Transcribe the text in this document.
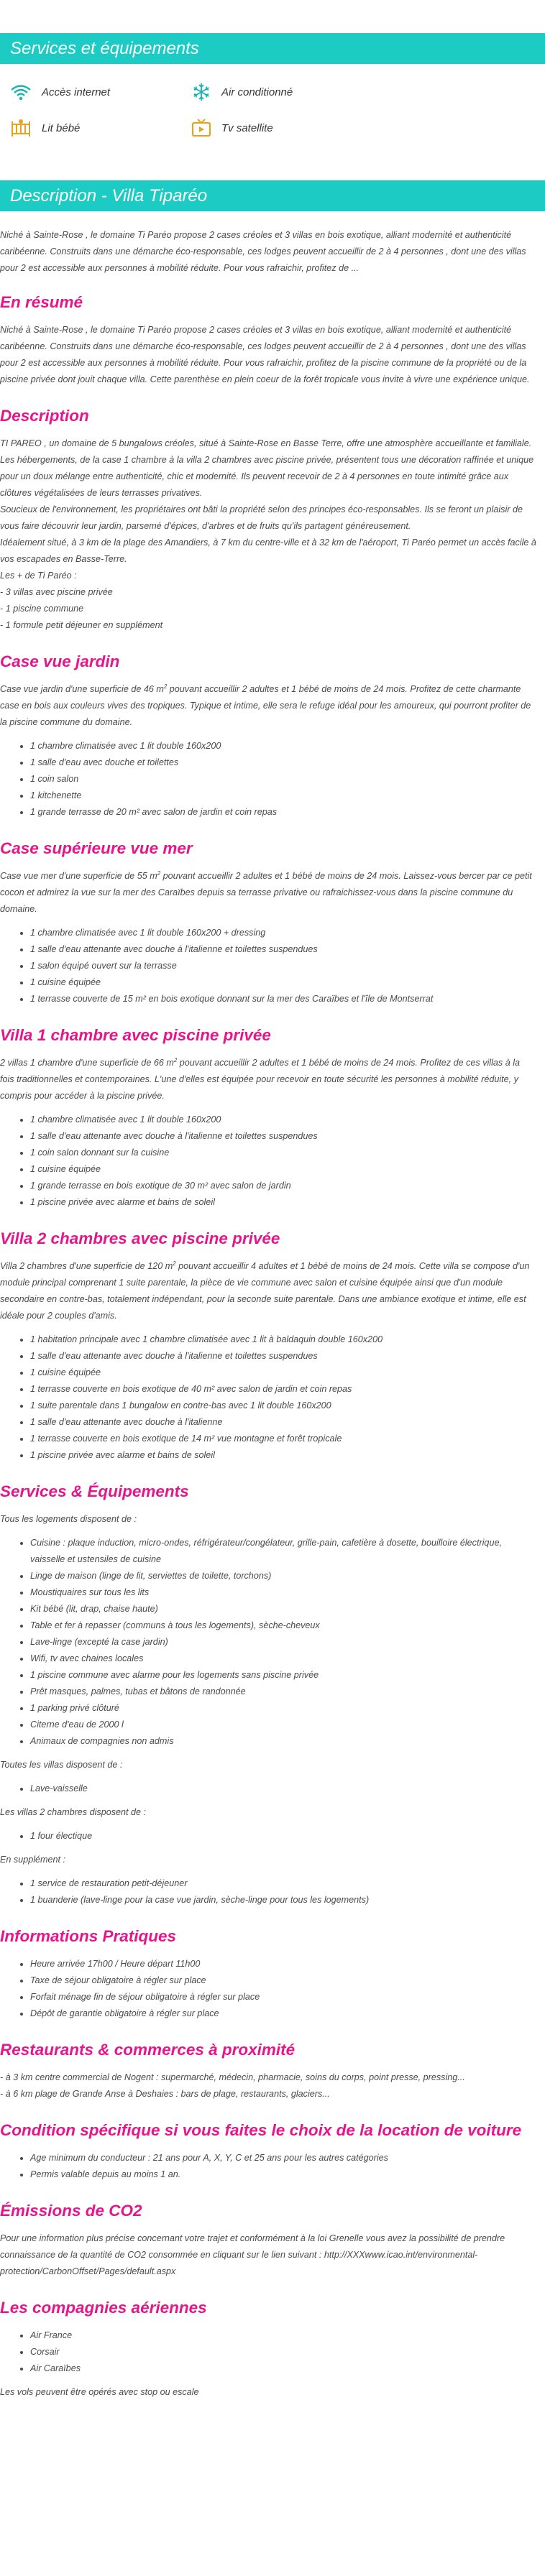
Services et équipements
Accès internet	Air conditionné
Lit bébé	Tv satellite
Description - Villa Tiparéo

Niché à Sainte-Rose , le domaine Ti Paréo propose 2 cases créoles et 3 villas en bois exotique, alliant modernité et authenticité caribéenne. Construits dans une démarche éco-responsable, ces lodges peuvent accueillir de 2 à 4 personnes , dont une des villas pour 2 est accessible aux personnes à mobilité réduite. Pour vous rafraichir, profitez de ...

En résumé

Niché à Sainte-Rose , le domaine Ti Paréo propose 2 cases créoles et 3 villas en bois exotique, alliant modernité et authenticité caribéenne. Construits dans une démarche éco-responsable, ces lodges peuvent accueillir de 2 à 4 personnes , dont une des villas pour 2 est accessible aux personnes à mobilité réduite. Pour vous rafraichir, profitez de la piscine commune de la propriété ou de la piscine privée dont jouit chaque villa. Cette parenthèse en plein coeur de la forêt tropicale vous invite à vivre une expérience unique.

Description

TI PAREO , un domaine de 5 bungalows créoles, situé à Sainte-Rose en Basse Terre, offre une atmosphère accueillante et familiale. Les hébergements, de la case 1 chambre à la villa 2 chambres avec piscine privée, présentent tous une décoration raffinée et unique pour un doux mélange entre authenticité, chic et modernité. Ils peuvent recevoir de 2 à 4 personnes en toute intimité grâce aux clôtures végétalisées de leurs terrasses privatives.

Soucieux de l'environnement, les propriétaires ont bâti la propriété selon des principes éco-responsables. Ils se feront un plaisir de vous faire découvrir leur jardin, parsemé d'épices, d'arbres et de fruits qu'ils partagent généreusement.

Idéalement situé, à 3 km de la plage des Amandiers, à 7 km du centre-ville et à 32 km de l'aéroport, Ti Paréo permet un accès facile à vos escapades en Basse-Terre.

Les + de Ti Paréo :

- 3 villas avec piscine privée

- 1 piscine commune

- 1 formule petit déjeuner en supplément

Case vue jardin

Case vue jardin d'une superficie de 46 $m^2$ pouvant accueillir 2 adultes et 1 bébé de moins de 24 mois. Profitez de cette charmante case en bois aux couleurs vives des tropiques. Typique et intime, elle sera le refuge idéal pour les amoureux, qui pourront profiter de la piscine commune du domaine.

• 1 chambre climatisée avec 1 lit double 160x200
• 1 salle d'eau avec douche et toilettes
• 1 coin salon
• 1 kitchenette
• 1 grande terrasse de 20 m² avec salon de jardin et coin repas
Case supérieure vue mer

Case vue mer d'une superficie de 55 $m^2$ pouvant accueillir 2 adultes et 1 bébé de moins de 24 mois. Laissez-vous bercer par ce petit cocon et admirez la vue sur la mer des Caraïbes depuis sa terrasse privative ou rafraichissez-vous dans la piscine commune du domaine.

• 1 chambre climatisée avec 1 lit double 160x200 + dressing
• 1 salle d'eau attenante avec douche à l'italienne et toilettes suspendues
• 1 salon équipé ouvert sur la terrasse
• 1 cuisine équipée
• 1 terrasse couverte de 15 m² en bois exotique donnant sur la mer des Caraïbes et l'île de Montserrat
Villa 1 chambre avec piscine privée

2 villas 1 chambre d'une superficie de 66 $m^2$ pouvant accueillir 2 adultes et 1 bébé de moins de 24 mois. Profitez de ces villas à la fois traditionnelles et contemporaines. L'une d'elles est équipée pour recevoir en toute sécurité les personnes à mobilité réduite, y compris pour accéder à la piscine privée.

• 1 chambre climatisée avec 1 lit double 160x200
• 1 salle d'eau attenante avec douche à l'italienne et toilettes suspendues
• 1 coin salon donnant sur la cuisine
• 1 cuisine équipée
• 1 grande terrasse en bois exotique de 30 m² avec salon de jardin
• 1 piscine privée avec alarme et bains de soleil
Villa 2 chambres avec piscine privée

Villa 2 chambres d'une superficie de 120 $m^2$ pouvant accueillir 4 adultes et 1 bébé de moins de 24 mois. Cette villa se compose d'un module principal comprenant 1 suite parentale, la pièce de vie commune avec salon et cuisine équipée ainsi que d'un module secondaire en contre-bas, totalement indépendant, pour la seconde suite parentale. Dans une ambiance exotique et intime, elle est idéale pour 2 couples d'amis.

• 1 habitation principale avec 1 chambre climatisée avec 1 lit à baldaquin double 160x200
• 1 salle d'eau attenante avec douche à l'italienne et toilettes suspendues
• 1 cuisine équipée
• 1 terrasse couverte en bois exotique de 40 m² avec salon de jardin et coin repas
• 1 suite parentale dans 1 bungalow en contre-bas avec 1 lit double 160x200
• 1 salle d'eau attenante avec douche à l'italienne
• 1 terrasse couverte en bois exotique de 14 m² vue montagne et forêt tropicale
• 1 piscine privée avec alarme et bains de soleil
Services & Équipements

Tous les logements disposent de :

• Cuisine : plaque induction, micro-ondes, réfrigérateur/congélateur, grille-pain, cafetière à dosette, bouilloire électrique, vaisselle et ustensiles de cuisine
• Linge de maison (linge de lit, serviettes de toilette, torchons)
• Moustiquaires sur tous les lits
• Kit bébé (lit, drap, chaise haute)
• Table et fer à repasser (communs à tous les logements), sèche-cheveux
• Lave-linge (excepté la case jardin)
• Wifi, tv avec chaines locales
• 1 piscine commune avec alarme pour les logements sans piscine privée
• Prêt masques, palmes, tubas et bâtons de randonnée
• 1 parking privé clôturé
• Citerne d'eau de 2000 l
• Animaux de compagnies non admis

Toutes les villas disposent de :

• Lave-vaisselle

Les villas 2 chambres disposent de :

• 1 four électique

En supplément :

• 1 service de restauration petit-déjeuner
• 1 buanderie (lave-linge pour la case vue jardin, sèche-linge pour tous les logements)
Informations Pratiques
• Heure arrivée 17h00 / Heure départ 11h00
• Taxe de séjour obligatoire à régler sur place
• Forfait ménage fin de séjour obligatoire à régler sur place
• Dépôt de garantie obligatoire à régler sur place
Restaurants & commerces à proximité

- à 3 km centre commercial de Nogent : supermarché, médecin, pharmacie, soins du corps, point presse, pressing...

- à 6 km plage de Grande Anse à Deshaies : bars de plage, restaurants, glaciers...

Condition spécifique si vous faites le choix de la location de voiture
• Age minimum du conducteur : 21 ans pour A, X, Y, C et 25 ans pour les autres catégories
• Permis valable depuis au moins 1 an.
Émissions de CO2

Pour une information plus précise concernant votre trajet et conformément à la loi Grenelle vous avez la possibilité de prendre connaissance de la quantité de CO2 consommée en cliquant sur le lien suivant : http://XXXwww.icao.int/environmental-protection/CarbonOffset/Pages/default.aspx

Les compagnies aériennes
• Air France
• Corsair
• Air Caraïbes

Les vols peuvent être opérés avec stop ou escale
